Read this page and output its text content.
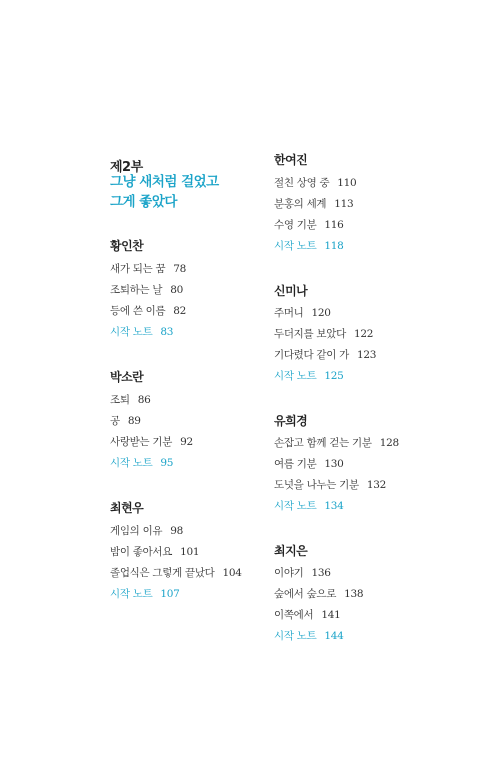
제2부
그냥 새처럼 걸었고
그게 좋았다
황인찬
새가 되는 꿈 78
조퇴하는 날 80
등에 쓴 이름 82
시작 노트 83
박소란
조퇴 86
공 89
사랑받는 기분 92
시작 노트 95
최현우
게임의 이유 98
밤이 좋아서요 101
졸업식은 그렇게 끝났다 104
시작 노트 107
한여진
절친 상영 중 110
분홍의 세계 113
수영 기분 116
시작 노트 118
신미나
주머니 120
두더지를 보았다 122
기다렸다 같이 가 123
시작 노트 125
유희경
손잡고 함께 걷는 기분 128
여름 기분 130
도넛을 나누는 기분 132
시작 노트 134
최지은
이야기 136
숲에서 숲으로 138
이쪽에서 141
시작 노트 144
